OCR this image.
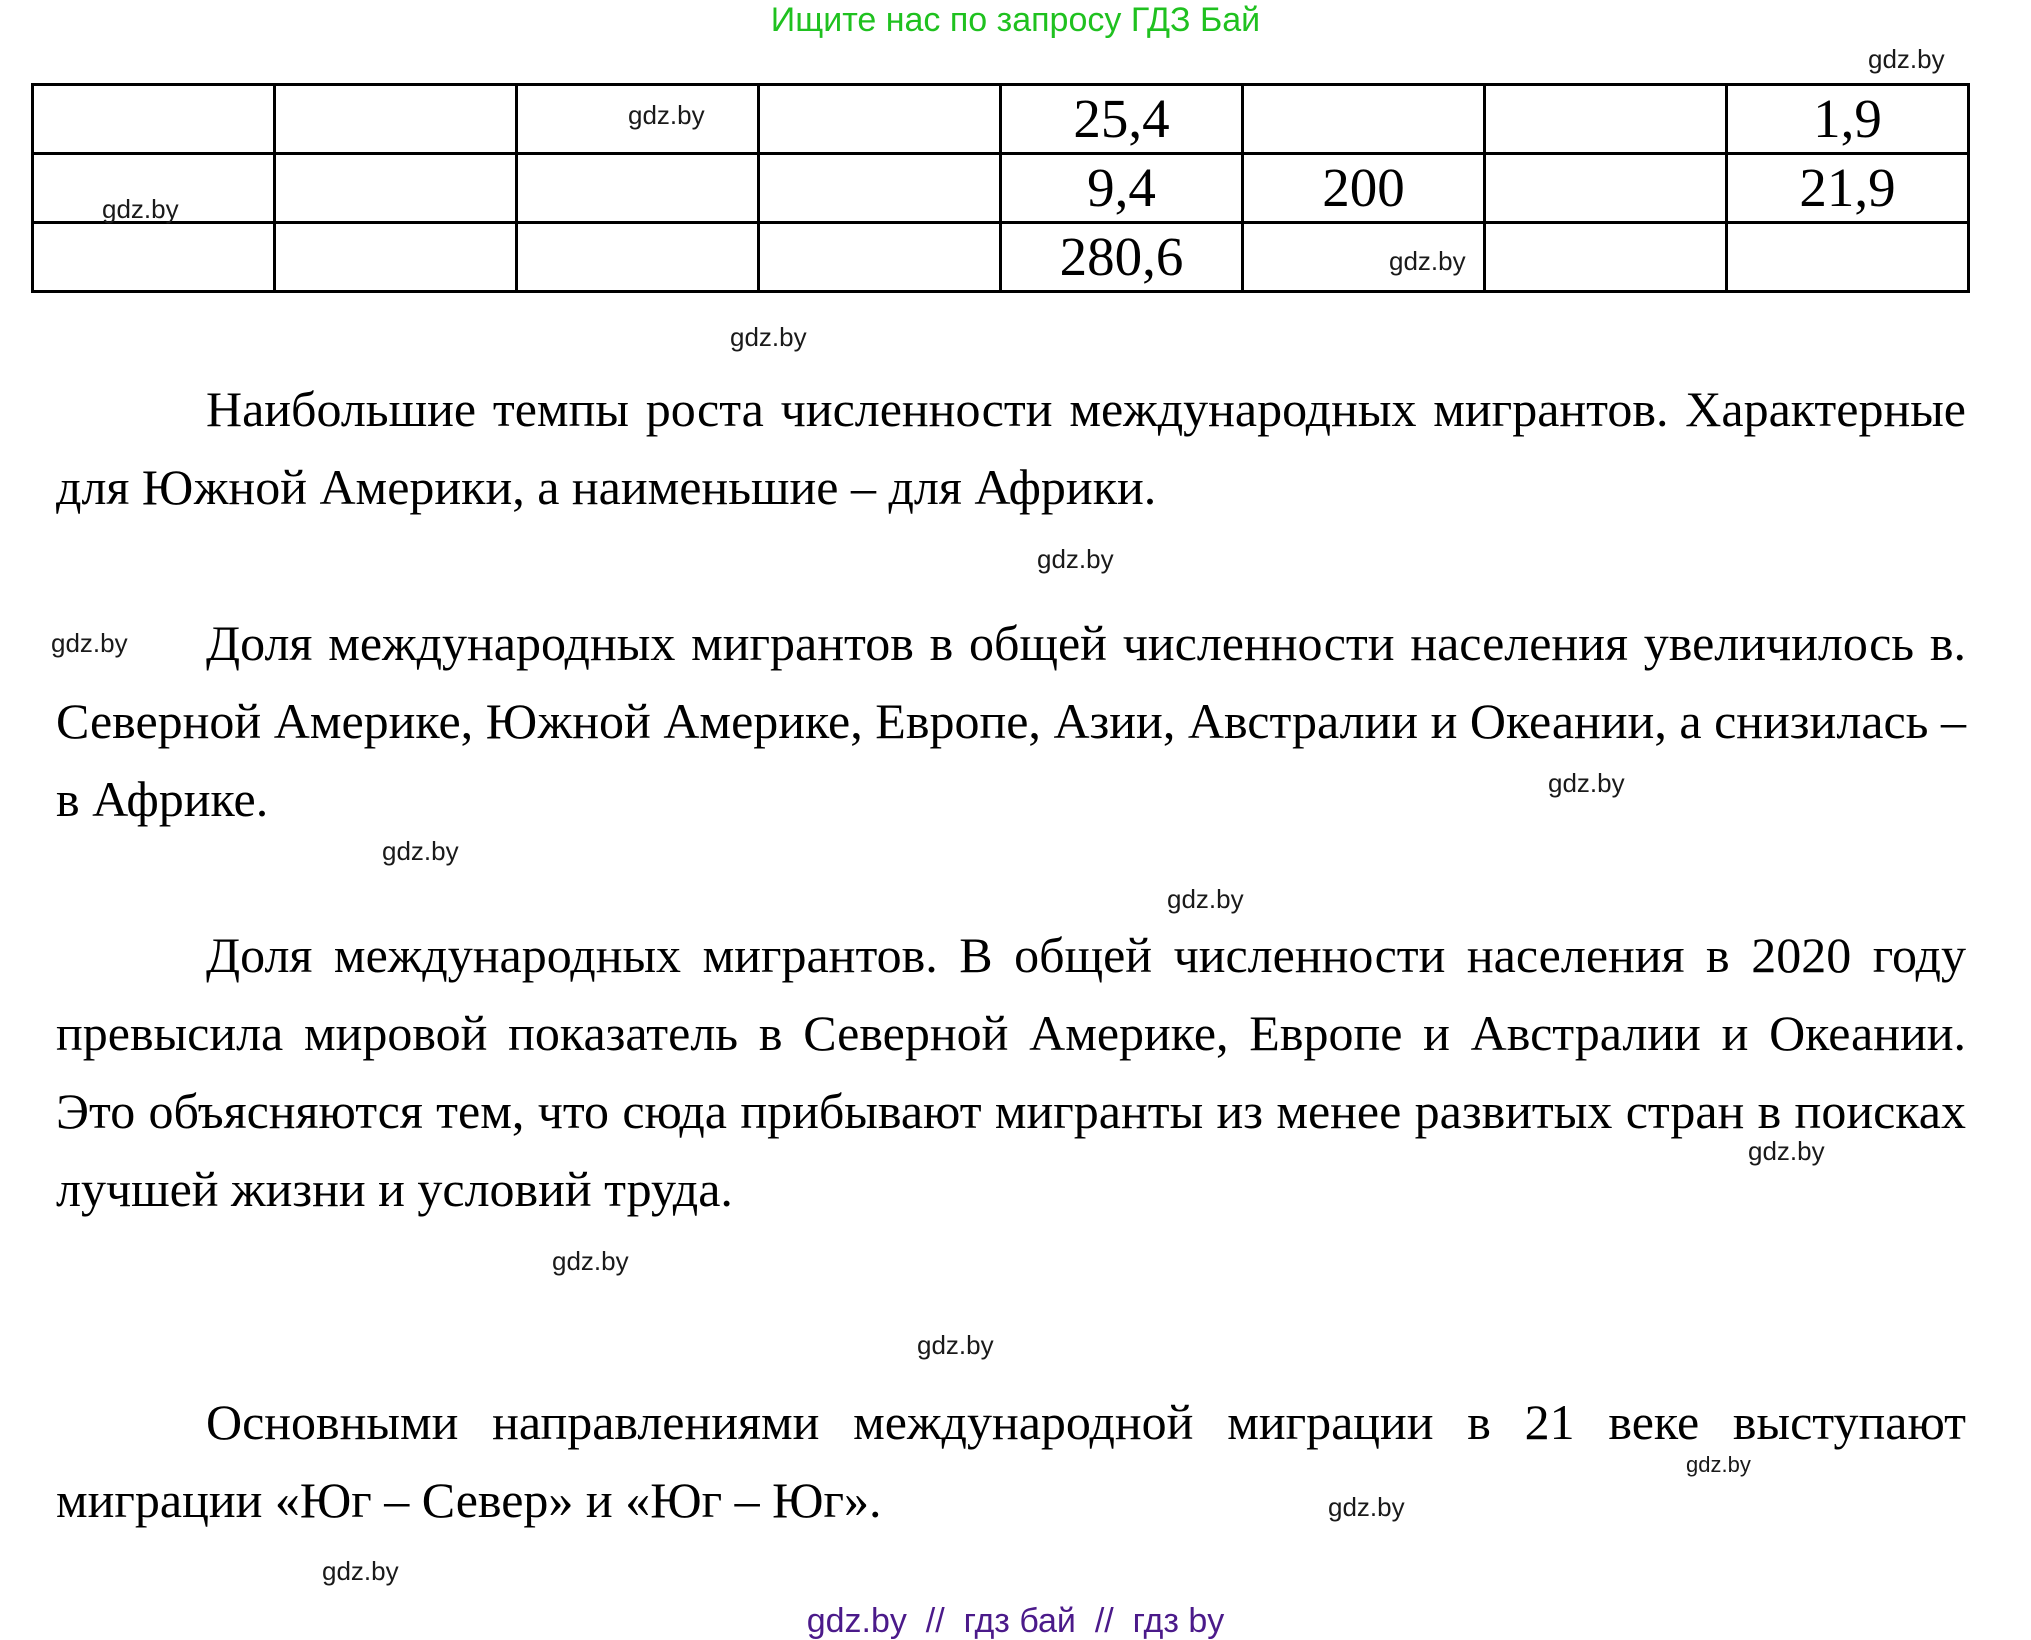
Ищите нас по запросу ГДЗ Бай
				25,4			1,9
				9,4	200		21,9
				280,6			
Наибольшие темпы роста численности международных мигрантов. Характерные для Южной Америки, а наименьшие – для Африки.
Доля международных мигрантов в общей численности населения увеличилось в. Северной Америке, Южной Америке, Европе, Азии, Австралии и Океании, а снизилась – в Африке.
Доля международных мигрантов. В общей численности населения в 2020 году превысила мировой показатель в Северной Америке, Европе и Австралии и Океании. Это объясняются тем, что сюда прибывают мигранты из менее развитых стран в поисках лучшей жизни и условий труда.
Основными направлениями международной миграции в 21 веке выступают миграции «Юг – Север» и «Юг – Юг».
gdz.by
gdz.by
gdz.by
gdz.by
gdz.by
gdz.by
gdz.by
gdz.by
gdz.by
gdz.by
gdz.by
gdz.by
gdz.by
gdz.by
gdz.by
gdz.by
gdz.by  //  гдз бай  //  гдз by
